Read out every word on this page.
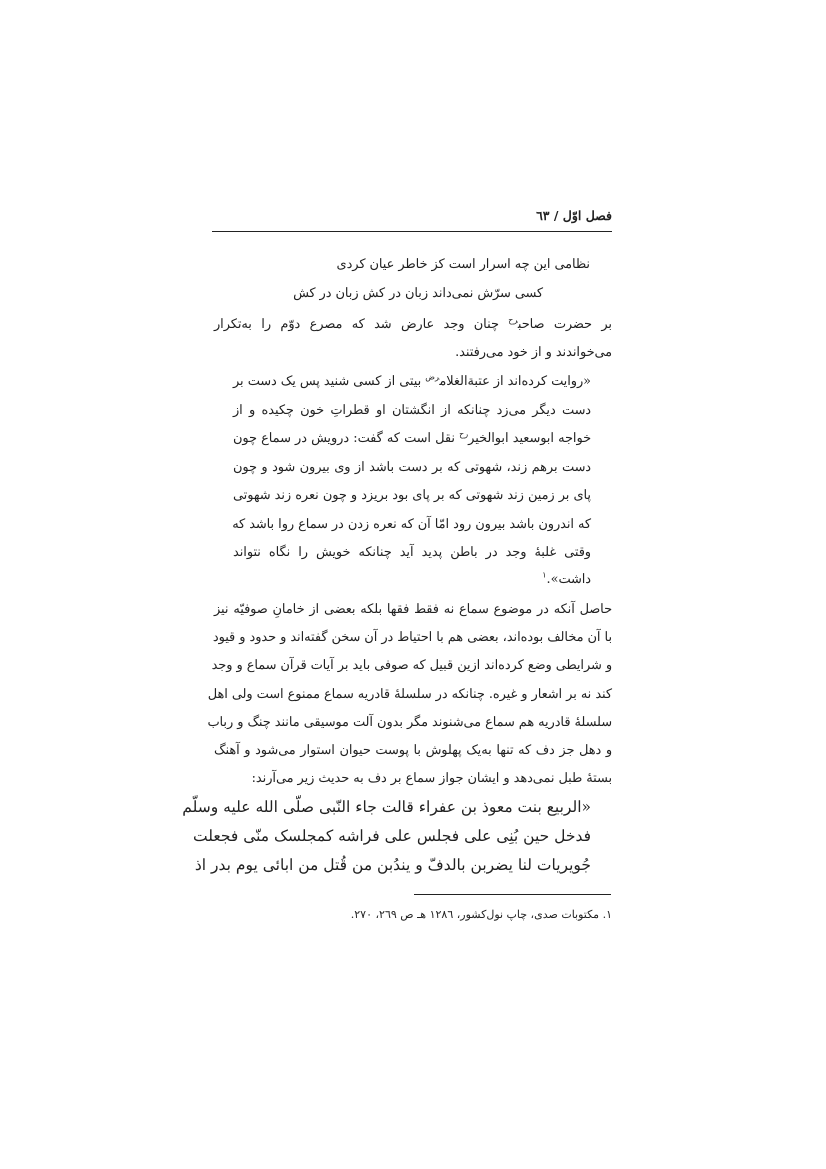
فصل اوّل / ٦٣
نظامی این چه اسرار است کز خاطر عیان کردی
کسی سرّش نمی‌داند زبان در کش زبان در کش
بر حضرت صاحب$^{رح}$ چنان وجد عارض شد که مصرع دوّم را به‌تکرار
می‌خواندند و از خود می‌رفتند.
«روایت کرده‌اند از عتبةالغلام$^{رض}$ بیتی از کسی شنید پس یک دست بر
دست دیگر می‌زد چنانکه از انگشتان او قطراتِ خون چکیده و از
خواجه ابوسعید ابوالخیر$^{رح}$ نقل است که گفت: درویش در سماع چون
دست برهم زند، شهوتی که بر دست باشد از وی بیرون شود و چون
پای بر زمین زند شهوتی که بر پای بود بریزد و چون نعره زند شهوتی
که اندرون باشد بیرون رود امّا آن که نعره زدن در سماع روا باشد که
وقتی غلبهٔ وجد در باطن پدید آید چنانکه خویش را نگاه نتواند
داشت».$^١$
حاصل آنکه در موضوع سماع نه فقط فقها بلکه بعضی از خامانِ صوفیّه نیز
با آن مخالف بوده‌اند، بعضی هم با احتیاط در آن سخن گفته‌اند و حدود و قیود
و شرایطی وضع کرده‌اند ازین قبیل که صوفی باید بر آیات قرآن سماع و وجد
کند نه بر اشعار و غیره. چنانکه در سلسلهٔ قادریه سماع ممنوع است ولی اهل
سلسلهٔ قادریه هم سماع می‌شنوند مگر بدون آلت موسیقی مانند چنگ و رباب
و دهل جز دف که تنها به‌یک پهلوش با پوست حیوان استوار می‌شود و آهنگ
بستهٔ طبل نمی‌دهد و ایشان جواز سماع بر دف به حدیث زیر می‌آرند:
«الربیع بنت معوذ بن عفراء قالت جاء النّبی صلّی الله علیه وسلّم
فدخل حین بُنِی علی فجلس علی فراشه کمجلسک منّی فجعلت
جُویریات لنا یضربن بالدفّ و یندُبن من قُتل من ابائی یوم بدر اذ
١. مکتوبات صدی، چاپ نول‌کشور، ١٢٨٦ هـ ص ٢٦٩، ٢٧٠.
